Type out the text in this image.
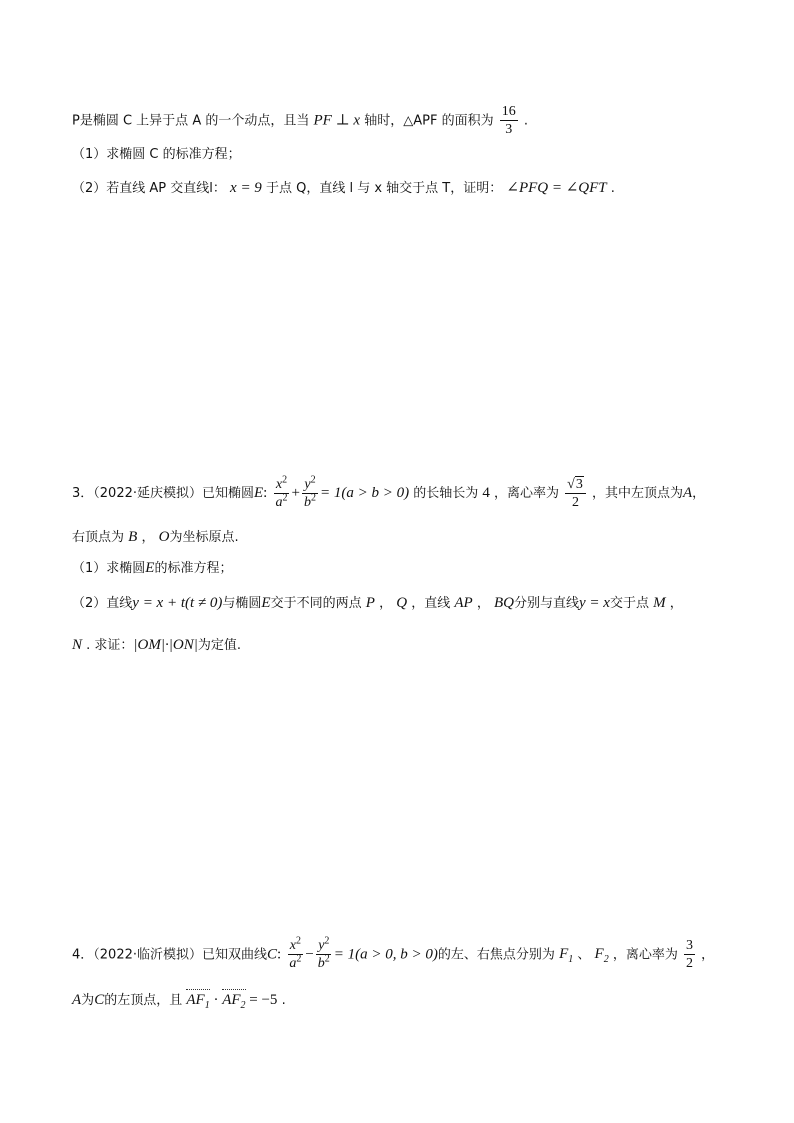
P是椭圆 C 上异于点 A 的一个动点，且当 PF ⊥ x 轴时，△APF 的面积为 $\frac{16}{3}$ .
（1）求椭圆 C 的标准方程；
（2）若直线 AP 交直线l： x = 9 于点 Q，直线 l 与 x 轴交于点 T，证明： ∠PFQ = ∠QFT .
3．（2022·延庆模拟）已知椭圆E: $\frac{x^2}{a^2} + \frac{y^2}{b^2} = 1(a > b > 0)$ 的长轴长为 4 ，离心率为 $\frac{√ 3}{2}$ ，其中左顶点为A，
右顶点为 B ， O为坐标原点.
（1）求椭圆E的标准方程；
（2）直线y = x + t(t ≠ 0)与椭圆E交于不同的两点 P ， Q ，直线 AP ， BQ分别与直线y = x交于点 M ，
N . 求证：|OM|·|ON|为定值.
4．（2022·临沂模拟）已知双曲线C: $\frac{x^2}{a^2} - \frac{y^2}{b^2} = 1(a > 0$, b > 0)的左、右焦点分别为 $F_1$ 、 $F_2$ ，离心率为 $\frac{3}{2}$ ，
A为C的左顶点，且 $AF_1 \cdot AF_2 = -5$ .
